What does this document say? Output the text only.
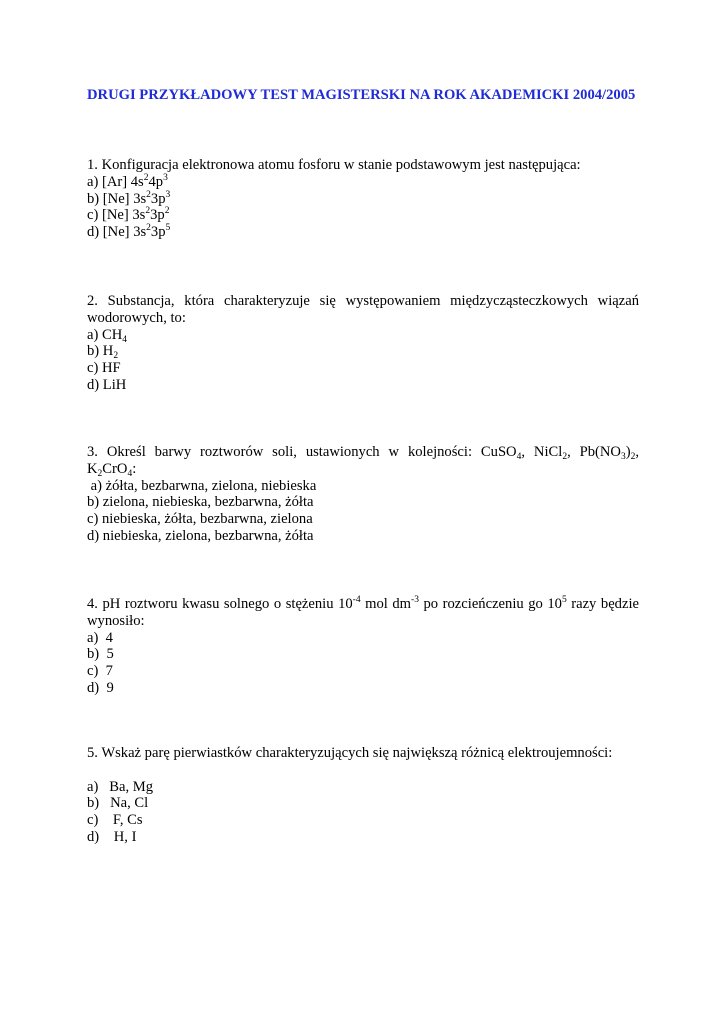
DRUGI PRZYKŁADOWY TEST MAGISTERSKI NA ROK AKADEMICKI 2004/2005
1. Konfiguracja elektronowa atomu fosforu w stanie podstawowym jest następująca:
a) [Ar] $4s^24p^3$
b) [Ne] $3s^23p^3$
c) [Ne] $3s^23p^2$
d) [Ne] $3s^23p^5$
2. Substancja, która charakteryzuje się występowaniem międzycząsteczkowych wiązań
wodorowych, to:
a) $CH_4$
b) $H_2$
c) HF
d) LiH
3. Określ barwy roztworów soli, ustawionych w kolejności: CuSO$_4$, NiCl$_2$, $Pb(NO_3)_2$,
$K_2CrO_4$:
a) żółta, bezbarwna, zielona, niebieska
b) zielona, niebieska, bezbarwna, żółta
c) niebieska, żółta, bezbarwna, zielona
d) niebieska, zielona, bezbarwna, żółta
4. pH roztworu kwasu solnego o stężeniu $10^{-4}$ mol $dm^{-3}$ po rozcieńczeniu go $10^5$ razy będzie
wynosiło:
a)  4
b)  5
c)  7
d)  9
5. Wskaż parę pierwiastków charakteryzujących się największą różnicą elektroujemności:
a)   Ba, Mg
b)   Na, Cl
c)    F, Cs
d)    H, I
